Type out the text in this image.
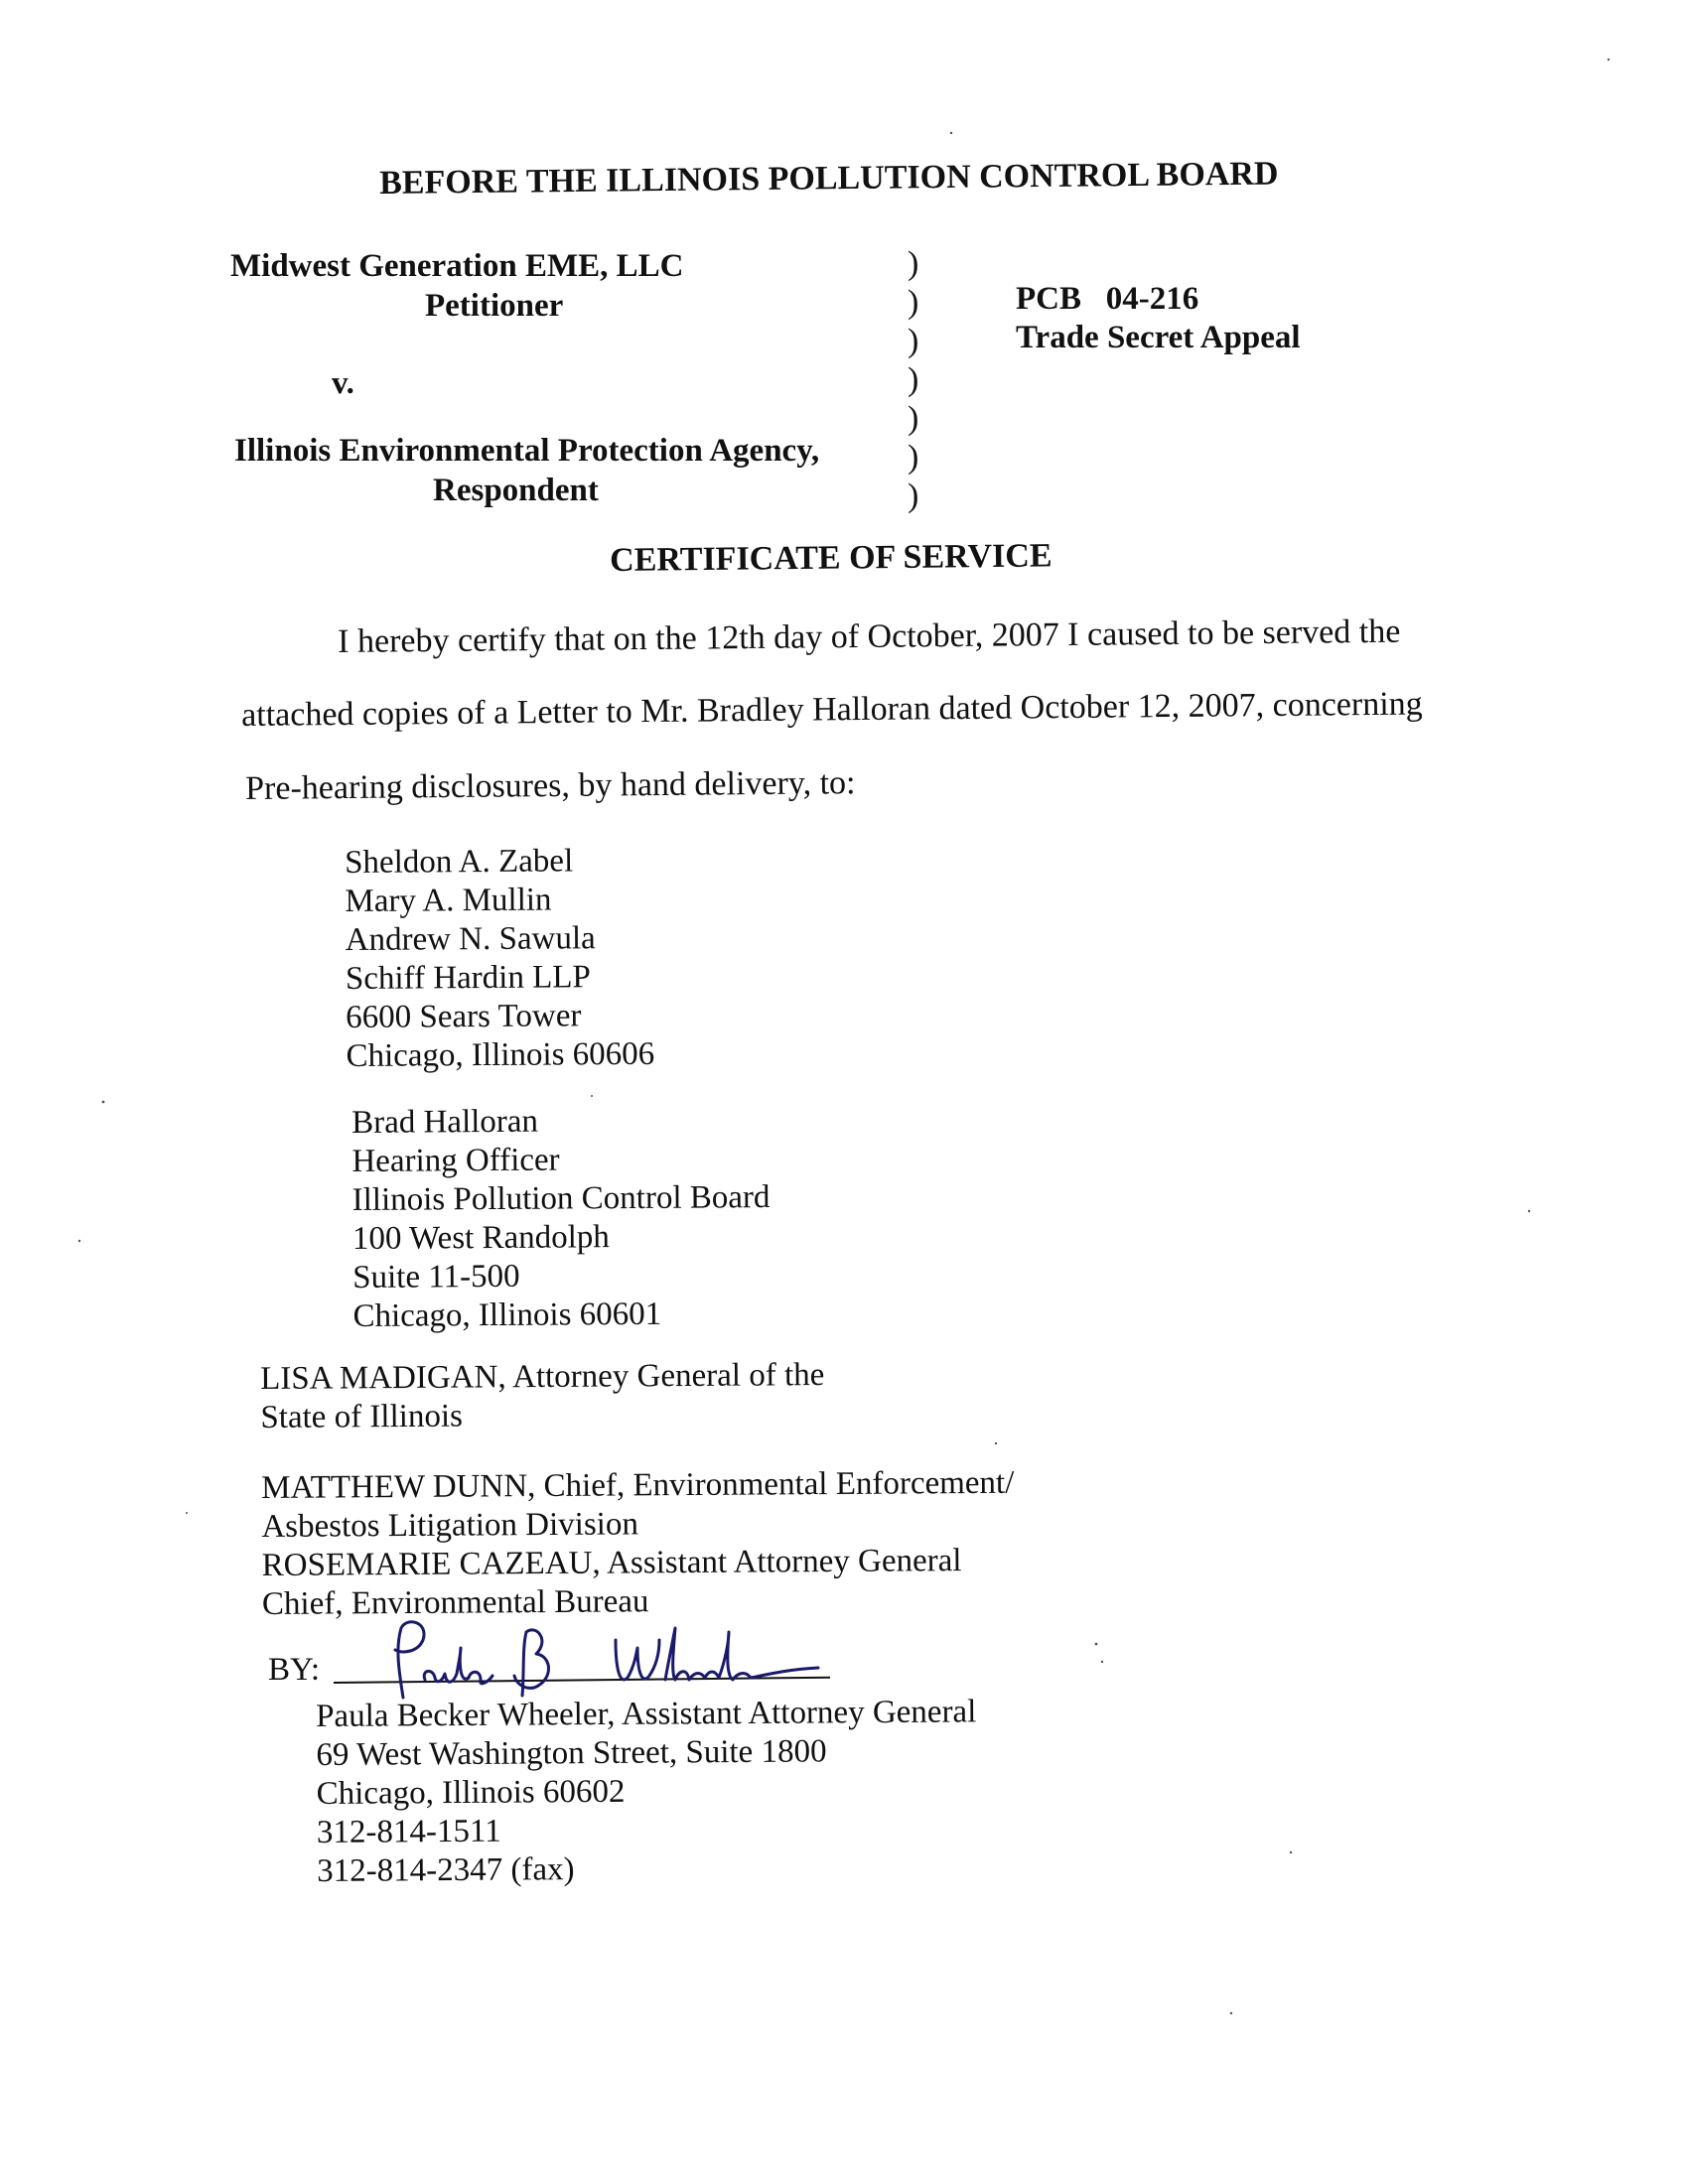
BEFORE THE ILLINOIS POLLUTION CONTROL BOARD
Midwest Generation EME, LLC
Petitioner
v.
Illinois Environmental Protection Agency,
Respondent
)
)
)
)
)
)
)
PCB   04-216
Trade Secret Appeal
CERTIFICATE OF SERVICE
I hereby certify that on the 12th day of October, 2007 I caused to be served the
attached copies of a Letter to Mr. Bradley Halloran dated October 12, 2007, concerning
Pre-hearing disclosures, by hand delivery, to:
Sheldon A. Zabel
Mary A. Mullin
Andrew N. Sawula
Schiff Hardin LLP
6600 Sears Tower
Chicago, Illinois 60606
Brad Halloran
Hearing Officer
Illinois Pollution Control Board
100 West Randolph
Suite 11-500
Chicago, Illinois 60601
LISA MADIGAN, Attorney General of the
State of Illinois
MATTHEW DUNN, Chief, Environmental Enforcement/
Asbestos Litigation Division
ROSEMARIE CAZEAU, Assistant Attorney General
Chief, Environmental Bureau
BY:
Paula Becker Wheeler, Assistant Attorney General
69 West Washington Street, Suite 1800
Chicago, Illinois 60602
312-814-1511
312-814-2347 (fax)
